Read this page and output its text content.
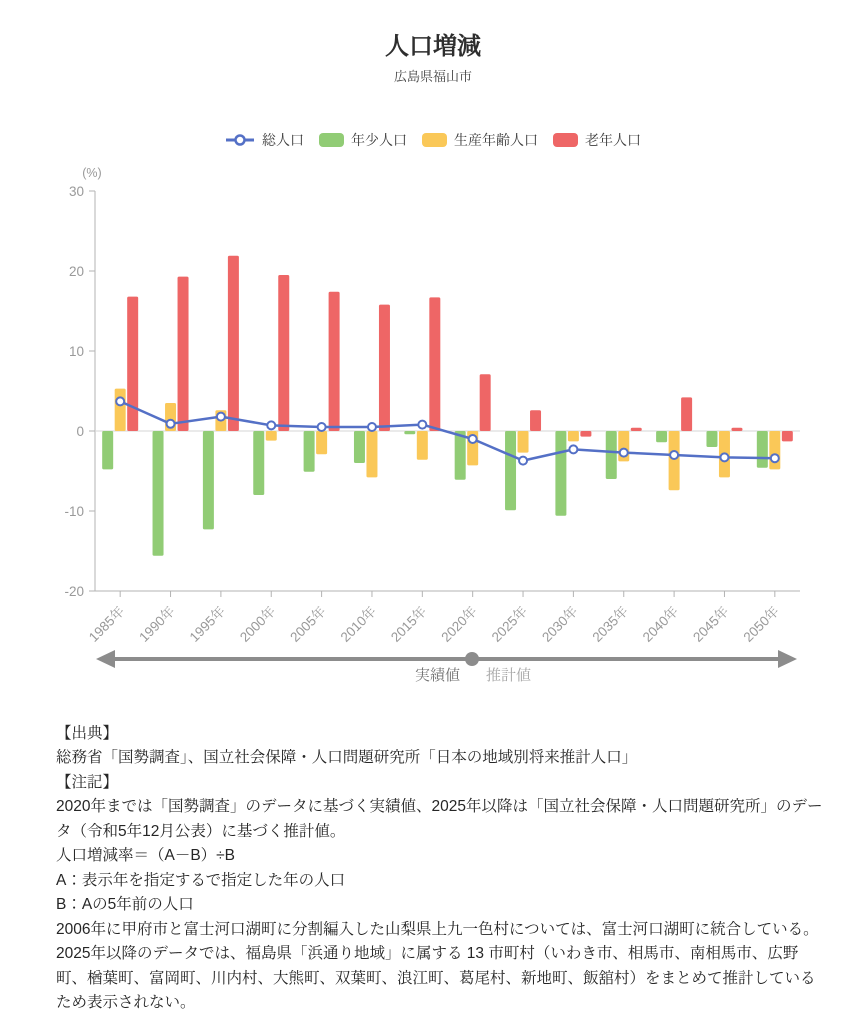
人口増減
広島県福山市
総人口	年少人口	生産年齢人口	老年人口
(%)
30
20
10
0
-10
-20
1985年 1990年 1995年 2000年 2005年 2010年 2015年 2020年 2025年 2030年 2035年 2040年 2045年 2050年
実績値 推計値

【出典】

総務省「国勢調査」、国立社会保障・人口問題研究所「日本の地域別将来推計人口」

【注記】

2020年までは「国勢調査」のデータに基づく実績値、2025年以降は「国立社会保障・人口問題研究所」のデータ（令和5年12月公表）に基づく推計値。

人口増減率＝（A－B）÷B

A：表示年を指定するで指定した年の人口

B：Aの5年前の人口

2006年に甲府市と富士河口湖町に分割編入した山梨県上九一色村については、富士河口湖町に統合している。

2025年以降のデータでは、福島県「浜通り地域」に属する 13 市町村（いわき市、相馬市、南相馬市、広野町、楢葉町、富岡町、川内村、大熊町、双葉町、浪江町、葛尾村、新地町、飯舘村）をまとめて推計しているため表示されない。
